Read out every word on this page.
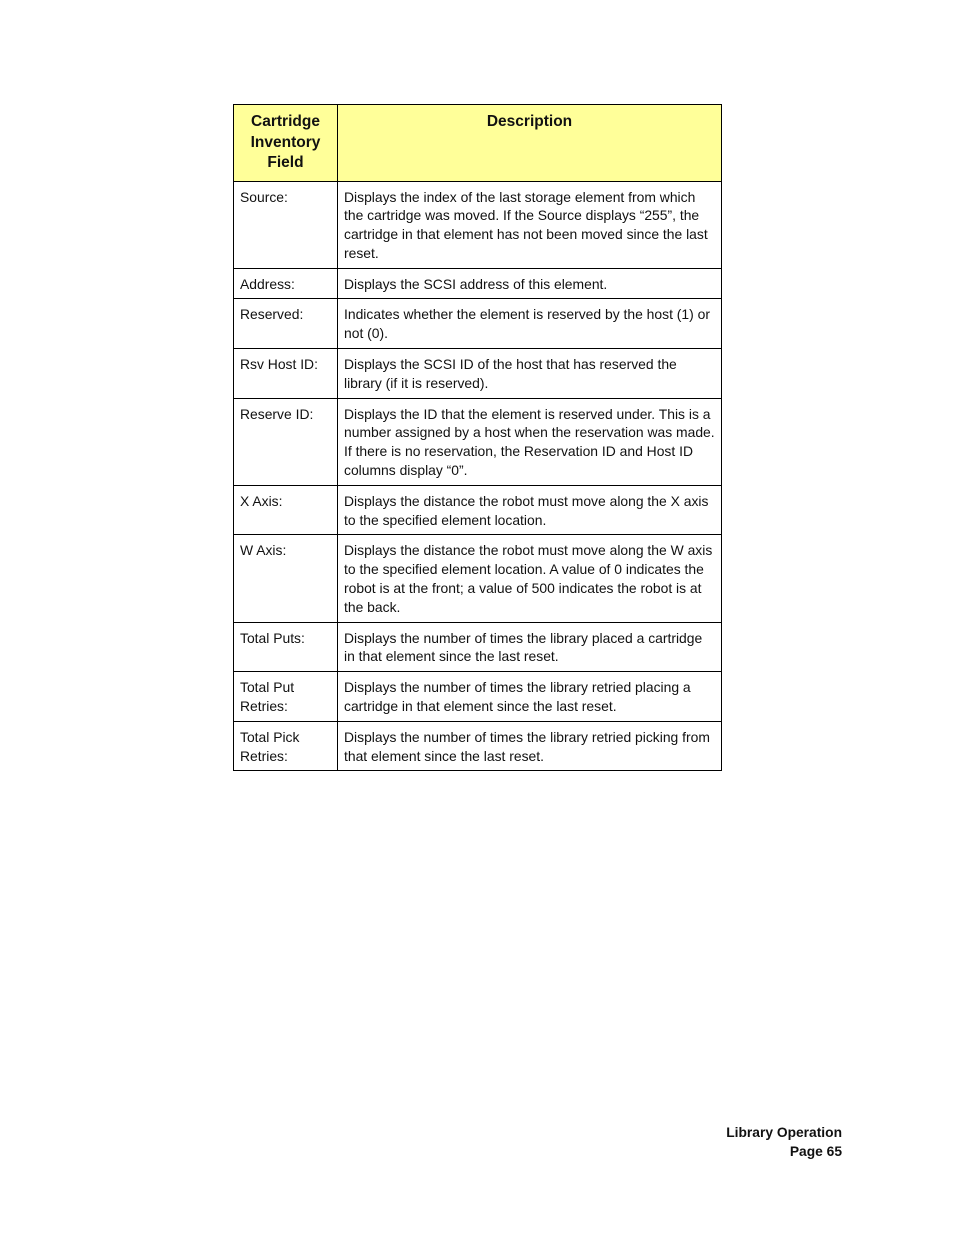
Cartridge Inventory Field	Description
Source:	Displays the index of the last storage element from which the cartridge was moved. If the Source displays “255”, the cartridge in that element has not been moved since the last reset.
Address:	Displays the SCSI address of this element.
Reserved:	Indicates whether the element is reserved by the host (1) or not (0).
Rsv Host ID:	Displays the SCSI ID of the host that has reserved the library (if it is reserved).
Reserve ID:	Displays the ID that the element is reserved under. This is a number assigned by a host when the reservation was made. If there is no reservation, the Reservation ID and Host ID columns display “0”.
X Axis:	Displays the distance the robot must move along the X axis to the specified element location.
W Axis:	Displays the distance the robot must move along the W axis to the specified element location. A value of 0 indicates the robot is at the front; a value of 500 indicates the robot is at the back.
Total Puts:	Displays the number of times the library placed a cartridge in that element since the last reset.
Total Put Retries:	Displays the number of times the library retried placing a cartridge in that element since the last reset.
Total Pick Retries:	Displays the number of times the library retried picking from that element since the last reset.
Library Operation
Page 65
